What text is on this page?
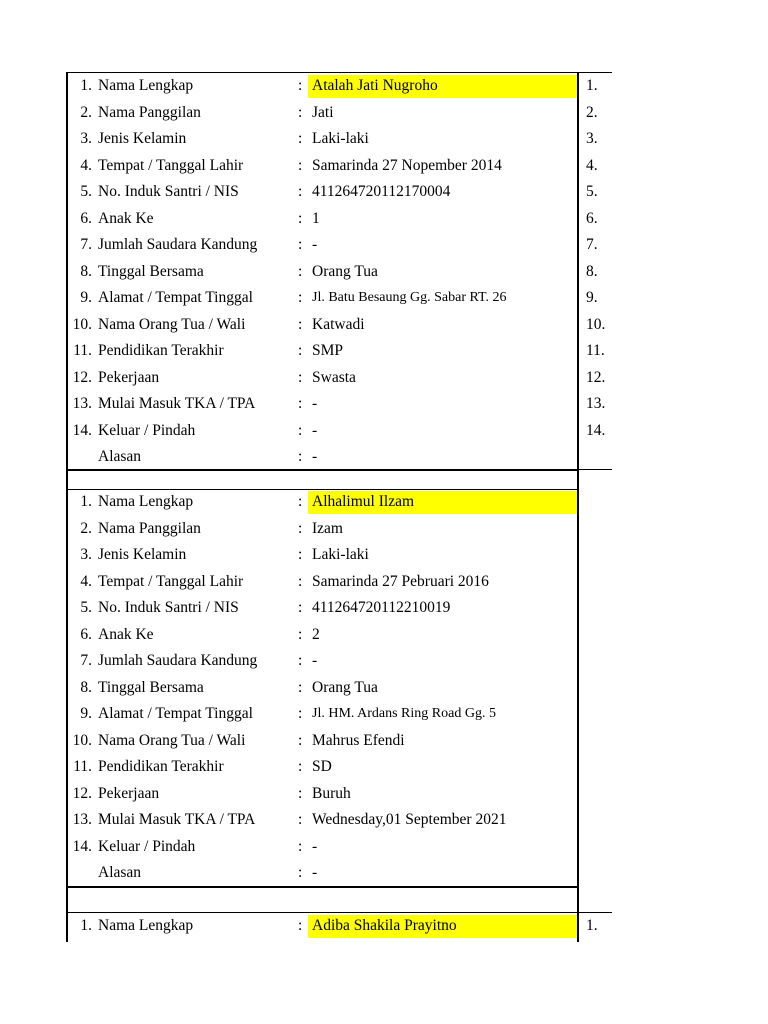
1. Nama Lengkap	: Atalah Jati Nugroho
2. Nama Panggilan	: Jati
3. Jenis Kelamin	: Laki-laki
4. Tempat / Tanggal Lahir	: Samarinda 27 Nopember 2014
5. No. Induk Santri / NIS	: 411264720112170004
6. Anak Ke	: 1
7. Jumlah Saudara Kandung	: -
8. Tinggal Bersama	: Orang Tua
9. Alamat / Tempat Tinggal	: Jl. Batu Besaung Gg. Sabar RT. 26
10. Nama Orang Tua / Wali	: Katwadi
11. Pendidikan Terakhir	: SMP
12. Pekerjaan	: Swasta
13. Mulai Masuk TKA / TPA	: -
14. Keluar / Pindah	: -
Alasan	: -
1. Nama Lengkap	: Alhalimul Ilzam
2. Nama Panggilan	: Izam
3. Jenis Kelamin	: Laki-laki
4. Tempat / Tanggal Lahir	: Samarinda 27 Pebruari 2016
5. No. Induk Santri / NIS	: 411264720112210019
6. Anak Ke	: 2
7. Jumlah Saudara Kandung	: -
8. Tinggal Bersama	: Orang Tua
9. Alamat / Tempat Tinggal	: Jl. HM. Ardans Ring Road Gg. 5
10. Nama Orang Tua / Wali	: Mahrus Efendi
11. Pendidikan Terakhir	: SD
12. Pekerjaan	: Buruh
13. Mulai Masuk TKA / TPA	: Wednesday,01 September 2021
14. Keluar / Pindah	: -
Alasan	: -
1. Nama Lengkap	: Adiba Shakila Prayitno
1.
2.
3.
4.
5.
6.
7.
8.
9.
10.
11.
12.
13.
14.
1.
